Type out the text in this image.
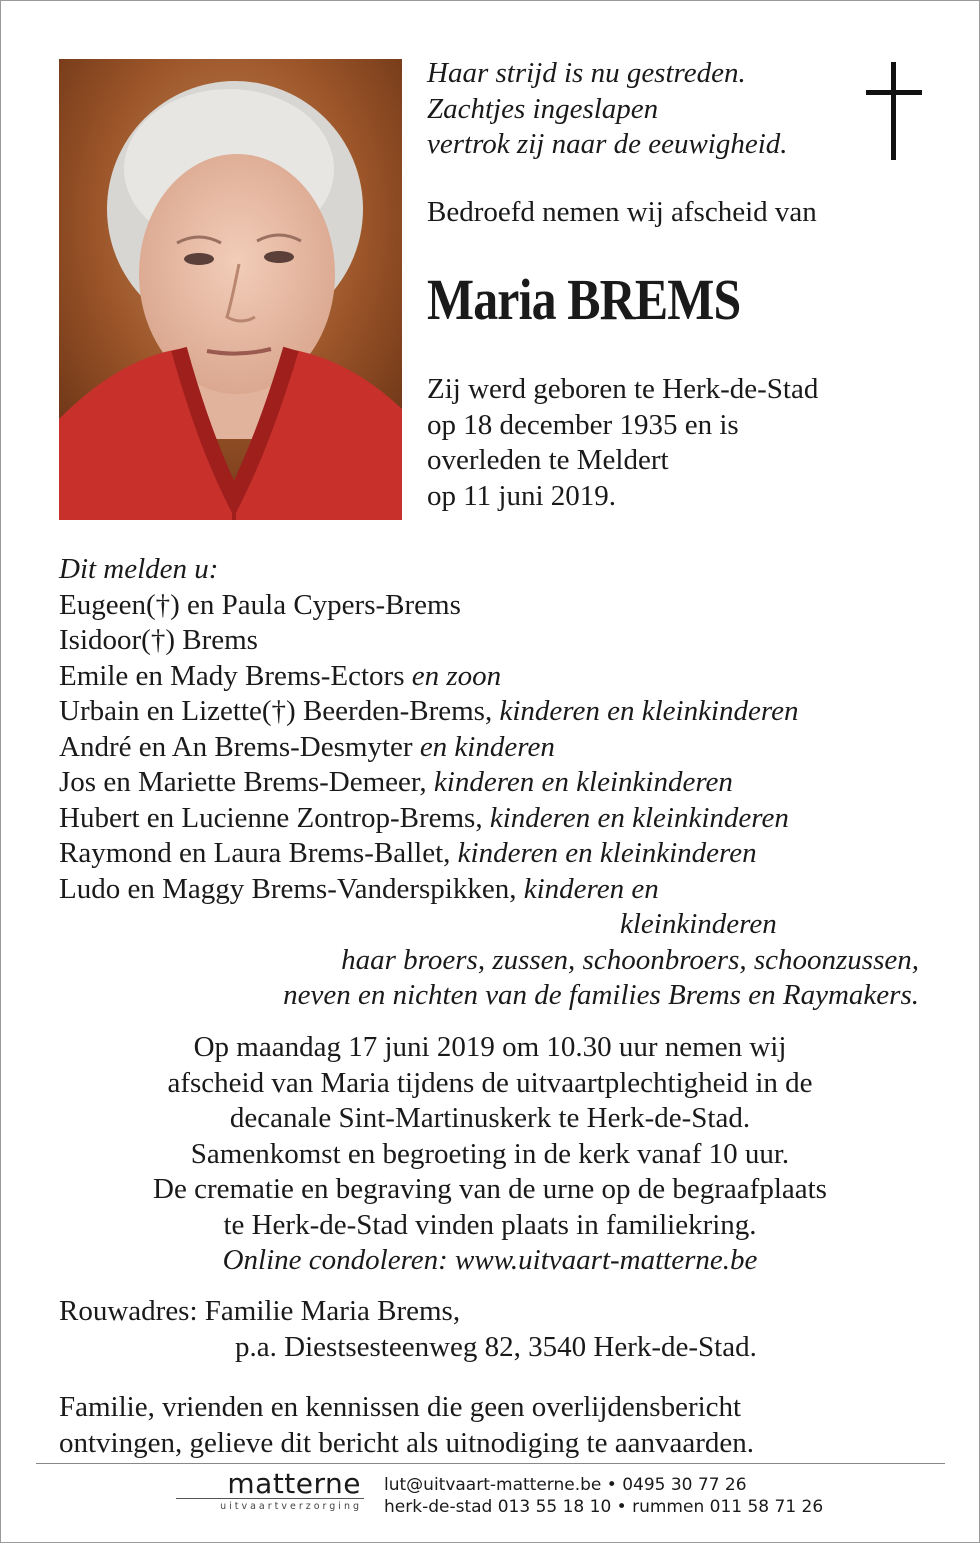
Haar strijd is nu gestreden.
Zachtjes ingeslapen
vertrok zij naar de eeuwigheid.
Bedroefd nemen wij afscheid van
Maria BREMS
Zij werd geboren te Herk-de-Stad
op 18 december 1935 en is
overleden te Meldert
op 11 juni 2019.
Dit melden u:
Eugeen(†) en Paula Cypers-Brems
Isidoor(†) Brems
Emile en Mady Brems-Ectors en zoon
Urbain en Lizette(†) Beerden-Brems, kinderen en kleinkinderen
André en An Brems-Desmyter en kinderen
Jos en Mariette Brems-Demeer, kinderen en kleinkinderen
Hubert en Lucienne Zontrop-Brems, kinderen en kleinkinderen
Raymond en Laura Brems-Ballet, kinderen en kleinkinderen
Ludo en Maggy Brems-Vanderspikken, kinderen en
kleinkinderen
haar broers, zussen, schoonbroers, schoonzussen,
neven en nichten van de families Brems en Raymakers.
Op maandag 17 juni 2019 om 10.30 uur nemen wij
afscheid van Maria tijdens de uitvaartplechtigheid in de
decanale Sint-Martinuskerk te Herk-de-Stad.
Samenkomst en begroeting in de kerk vanaf 10 uur.
De crematie en begraving van de urne op de begraafplaats
te Herk-de-Stad vinden plaats in familiekring.
Online condoleren: www.uitvaart-matterne.be
Rouwadres: Familie Maria Brems,
p.a. Diestsesteenweg 82, 3540 Herk-de-Stad.
Familie, vrienden en kennissen die geen overlijdensbericht
ontvingen, gelieve dit bericht als uitnodiging te aanvaarden.
matterne
uitvaartverzorging
lut@uitvaart-matterne.be • 0495 30 77 26
herk-de-stad 013 55 18 10 • rummen 011 58 71 26
